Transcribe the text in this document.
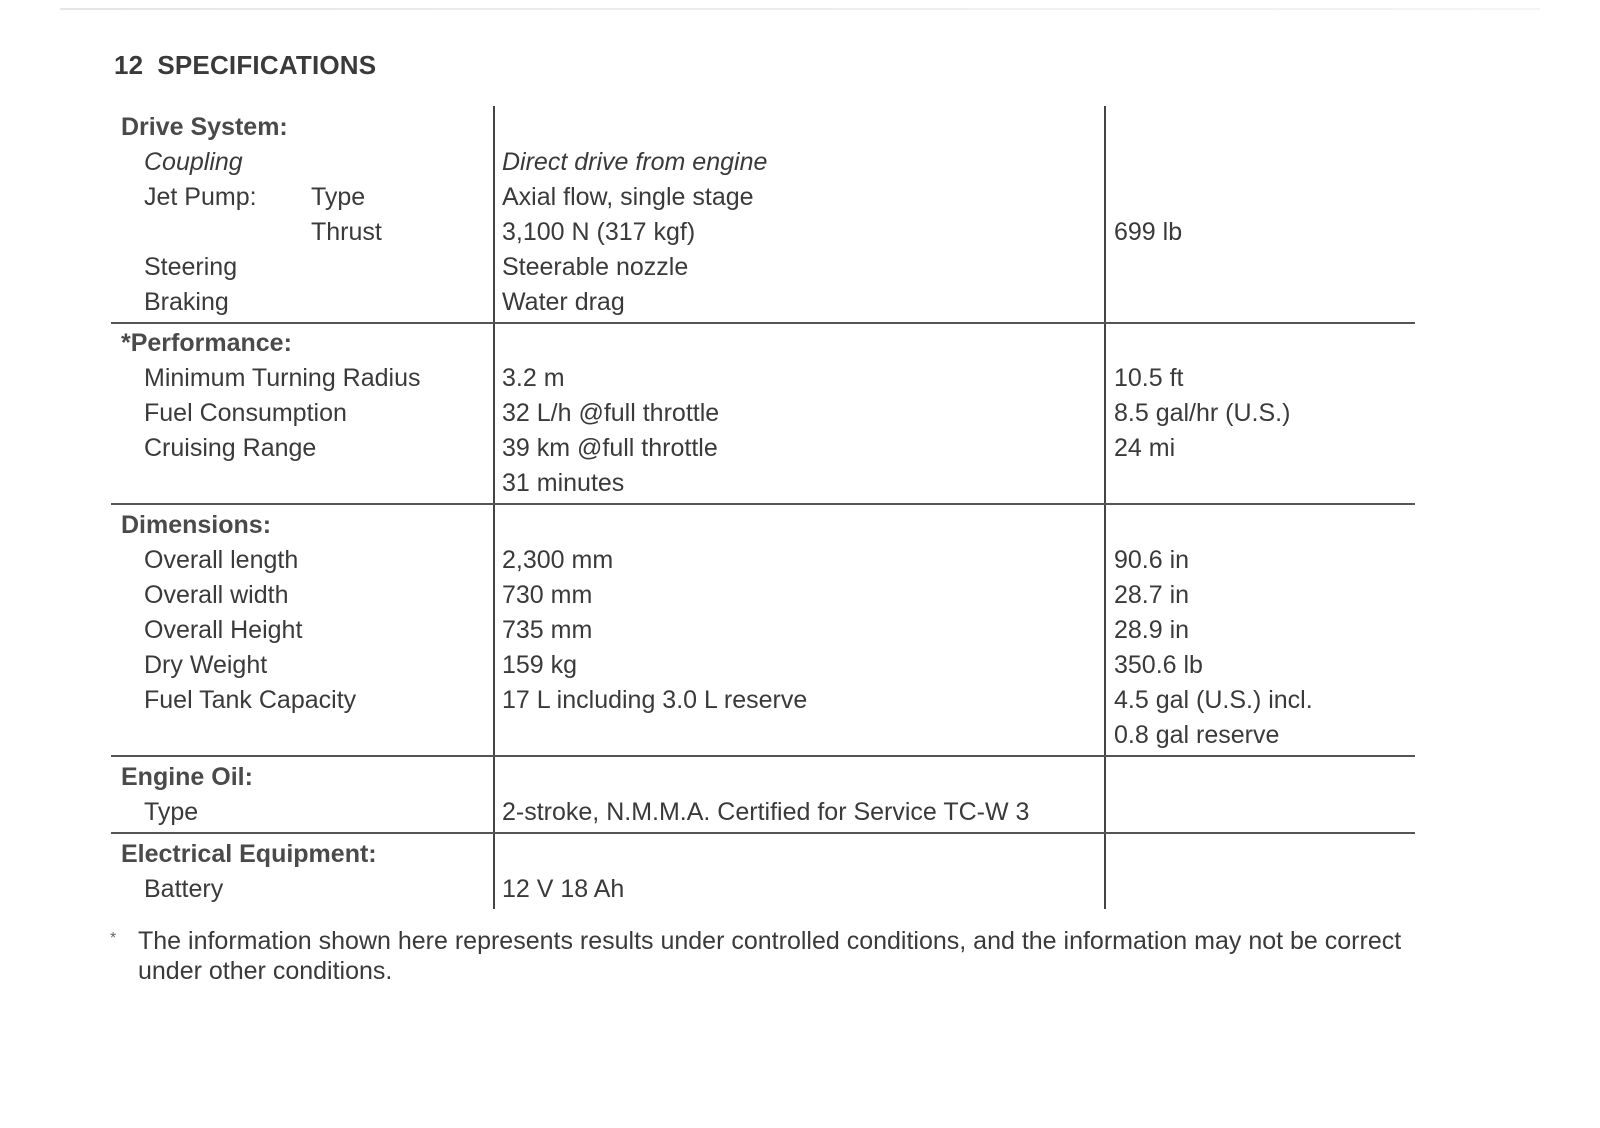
12 SPECIFICATIONS
Drive System:
Coupling	Direct drive from engine
Jet Pump: Type	Axial flow, single stage
Thrust	3,100 N (317 kgf)	699 lb
Steering	Steerable nozzle
Braking	Water drag
*Performance:
Minimum Turning Radius	3.2 m	10.5 ft
Fuel Consumption	32 L/h @full throttle	8.5 gal/hr (U.S.)
Cruising Range	39 km @full throttle	24 mi
31 minutes
Dimensions:
Overall length	2,300 mm	90.6 in
Overall width	730 mm	28.7 in
Overall Height	735 mm	28.9 in
Dry Weight	159 kg	350.6 lb
Fuel Tank Capacity	17 L including 3.0 L reserve	4.5 gal (U.S.) incl.
0.8 gal reserve
Engine Oil:
Type	2-stroke, N.M.M.A. Certified for Service TC-W 3
Electrical Equipment:
Battery	12 V 18 Ah
* The information shown here represents results under controlled conditions, and the information may not be correct under other conditions.
